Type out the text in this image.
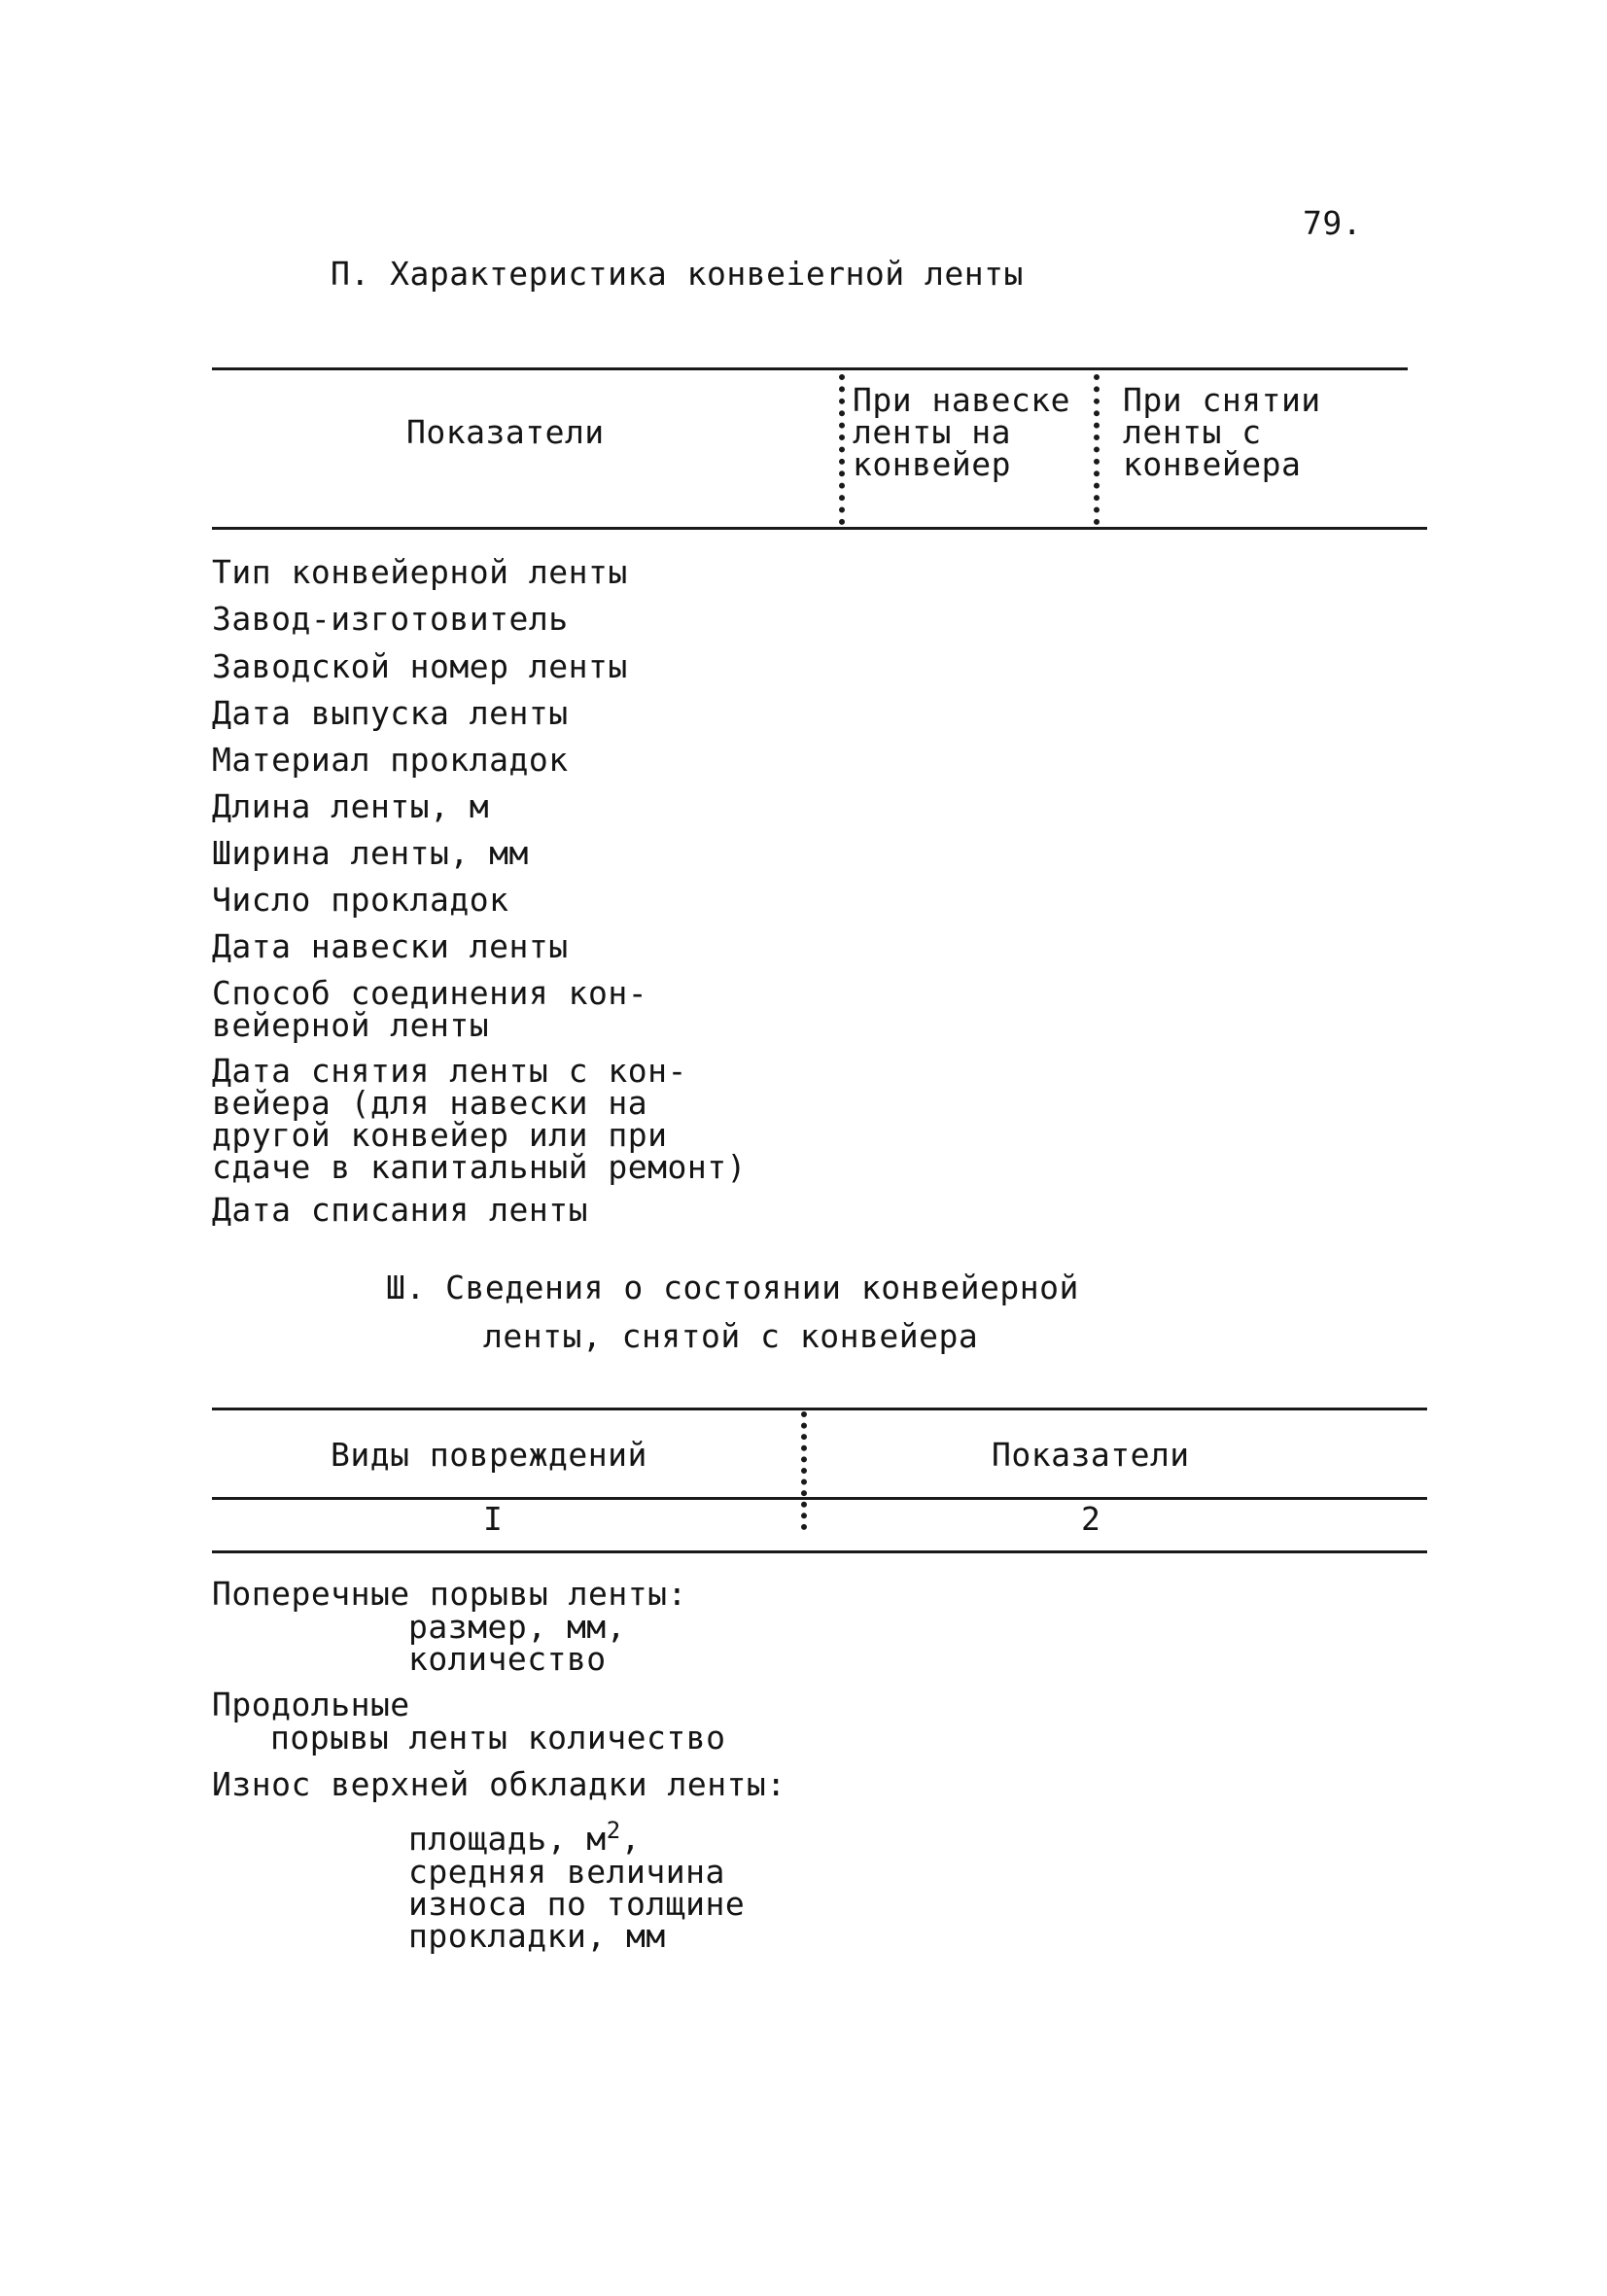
79.
П. Характеристика конвеierной ленты
Показатели
При навеске
ленты на
конвейер
При снятии
ленты с
конвейера
Тип конвейерной ленты
Завод-изготовитель
Заводской номер ленты
Дата выпуска ленты
Материал прокладок
Длина ленты, м
Ширина ленты, мм
Число прокладок
Дата навески ленты
Способ соединения кон-
вейерной ленты
Дата снятия ленты с кон-
вейера (для навески на
другой конвейер или при
сдаче в капитальный ремонт)
Дата списания ленты
Ш. Сведения о состоянии конвейерной
ленты, снятой с конвейера
Виды повреждений	Показатели
I	2
Поперечные порывы ленты:
размер, мм,
количество
Продольные
порывы ленты количество
Износ верхней обкладки ленты:
площадь, $м^2$,
средняя величина
износа по толщине
прокладки, мм
